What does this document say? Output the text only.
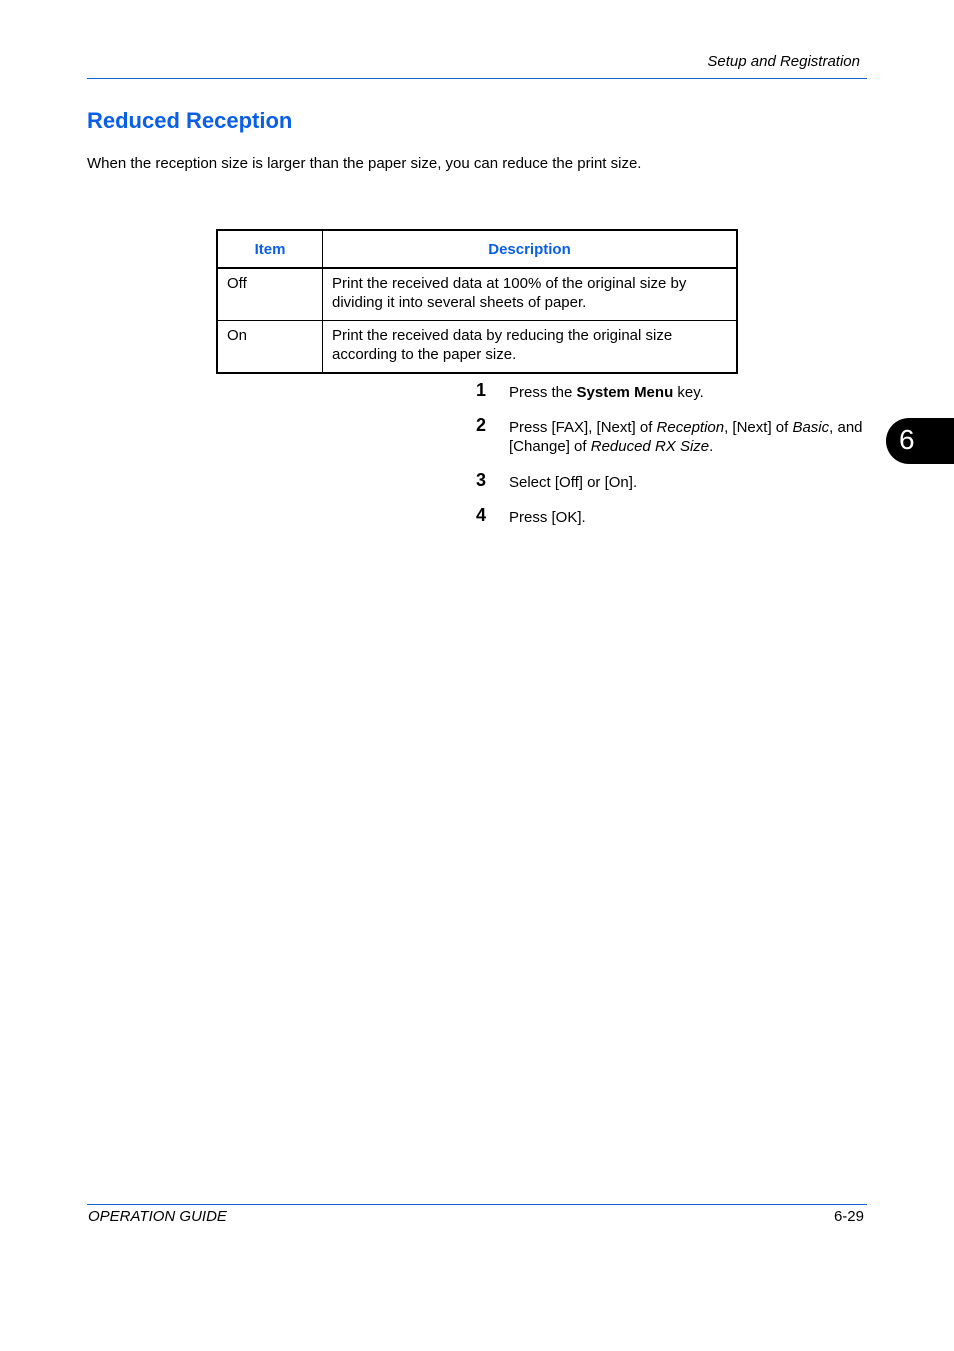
Setup and Registration
Reduced Reception
When the reception size is larger than the paper size, you can reduce the print size.
Item	Description
Off	Print the received data at 100% of the original size by dividing it into several sheets of paper.
On	Print the received data by reducing the original size according to the paper size.
1 Press the System Menu key.
2 Press [FAX], [Next] of Reception, [Next] of Basic, and [Change] of Reduced RX Size.
3 Select [Off] or [On].
4 Press [OK].
6
OPERATION GUIDE	6-29
